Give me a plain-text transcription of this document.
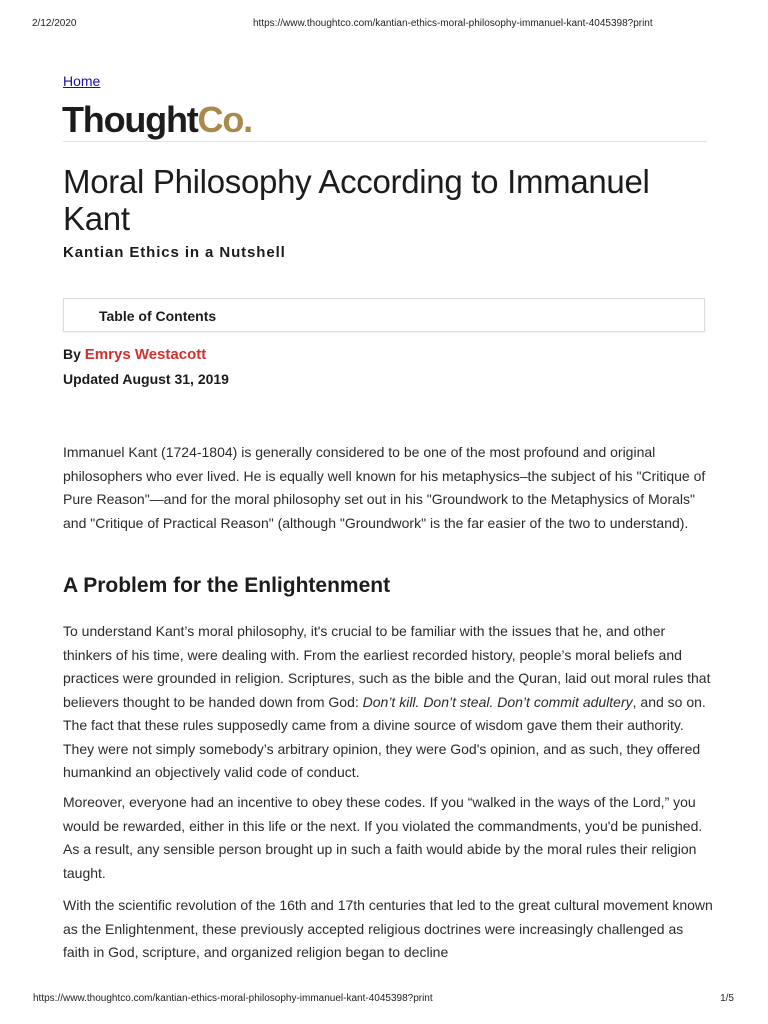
2/12/2020	https://www.thoughtco.com/kantian-ethics-moral-philosophy-immanuel-kant-4045398?print
Home
ThoughtCo.
Moral Philosophy According to Immanuel Kant
Kantian Ethics in a Nutshell
Table of Contents
By Emrys Westacott
Updated August 31, 2019

Immanuel Kant (1724-1804) is generally considered to be one of the most profound and original philosophers who ever lived. He is equally well known for his metaphysics–the subject of his "Critique of Pure Reason"—and for the moral philosophy set out in his "Groundwork to the Metaphysics of Morals" and "Critique of Practical Reason" (although "Groundwork" is the far easier of the two to understand).

A Problem for the Enlightenment

To understand Kant’s moral philosophy, it's crucial to be familiar with the issues that he, and other thinkers of his time, were dealing with. From the earliest recorded history, people’s moral beliefs and practices were grounded in religion. Scriptures, such as the bible and the Quran, laid out moral rules that believers thought to be handed down from God: Don’t kill. Don’t steal. Don’t commit adultery, and so on. The fact that these rules supposedly came from a divine source of wisdom gave them their authority. They were not simply somebody’s arbitrary opinion, they were God's opinion, and as such, they offered humankind an objectively valid code of conduct.

Moreover, everyone had an incentive to obey these codes. If you “walked in the ways of the Lord,” you would be rewarded, either in this life or the next. If you violated the commandments, you'd be punished. As a result, any sensible person brought up in such a faith would abide by the moral rules their religion taught.

With the scientific revolution of the 16th and 17th centuries that led to the great cultural movement known as the Enlightenment, these previously accepted religious doctrines were increasingly challenged as faith in God, scripture, and organized religion began to decline

https://www.thoughtco.com/kantian-ethics-moral-philosophy-immanuel-kant-4045398?print	1/5
